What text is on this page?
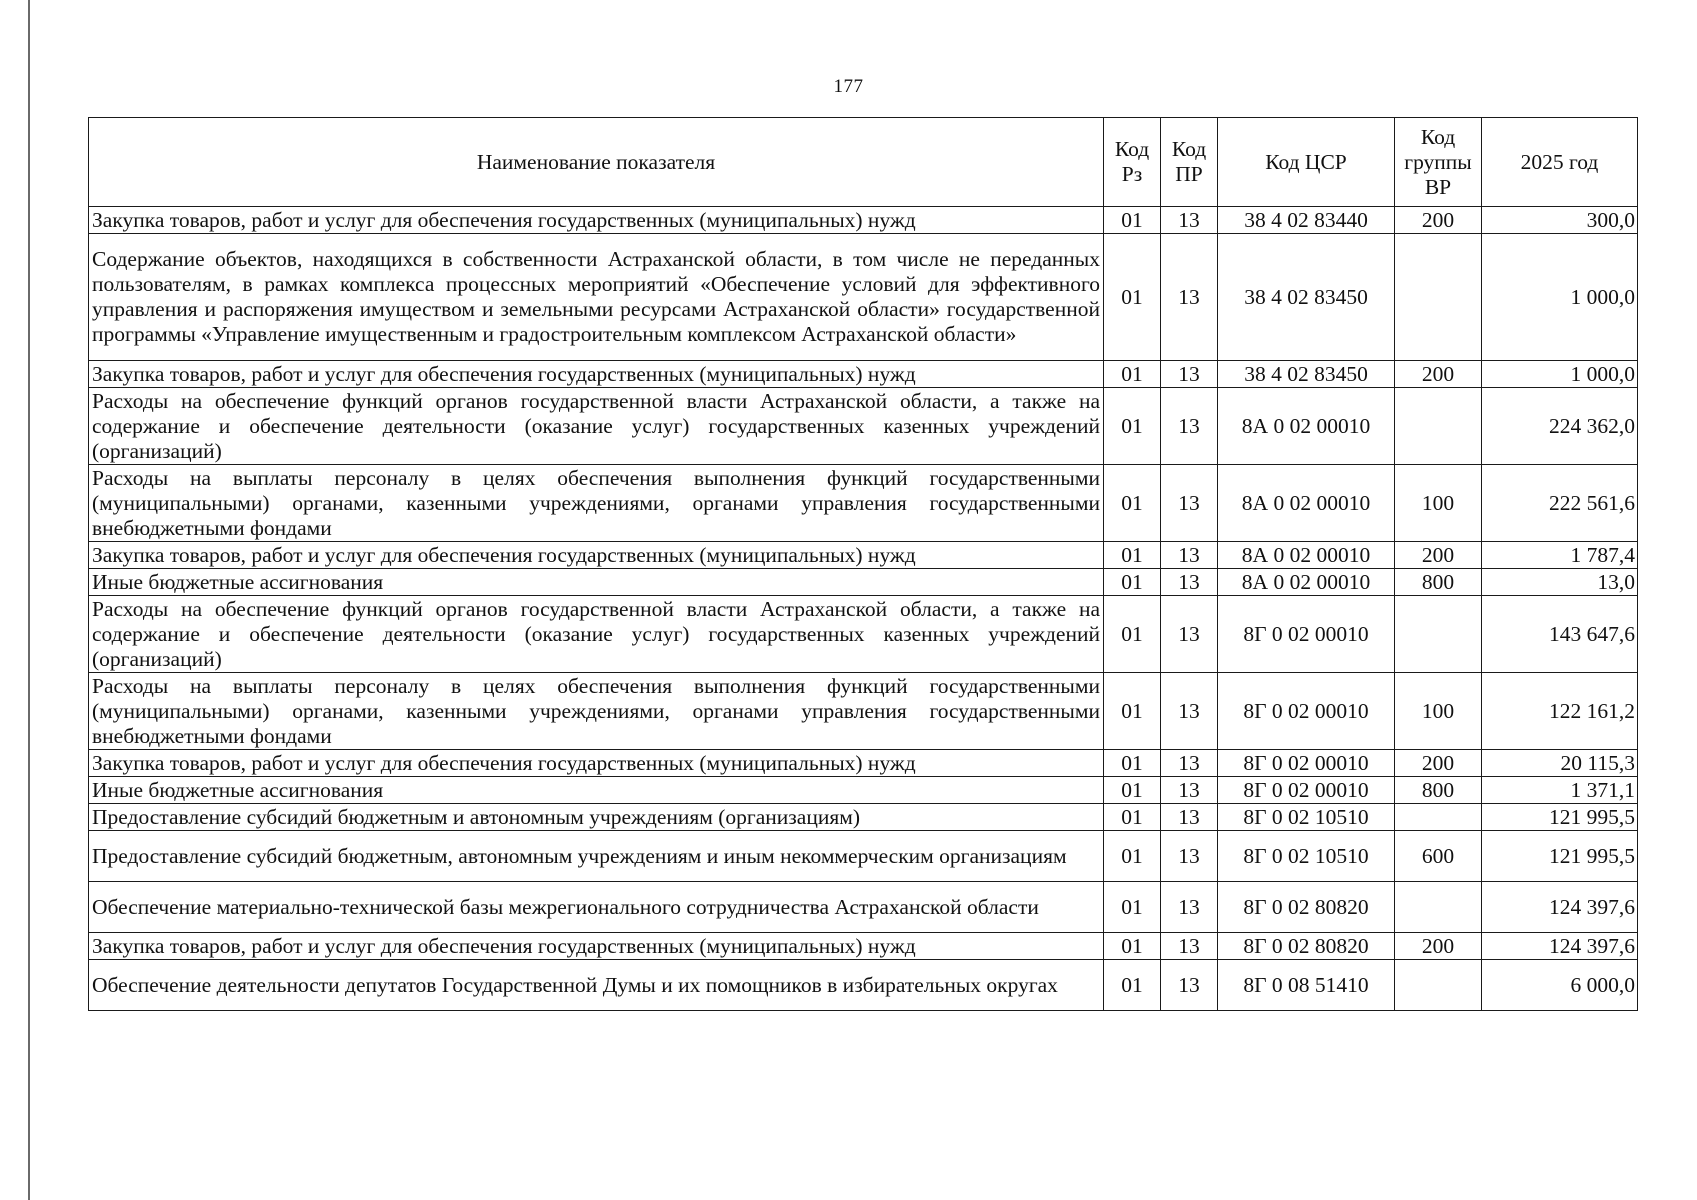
177
Наименование показателя	Код Рз	Код ПР	Код ЦСР	Код группы ВР	2025 год
Закупка товаров, работ и услуг для обеспечения государственных (муниципальных) нужд	01	13	38 4 02 83440	200	300,0
Содержание объектов, находящихся в собственности Астраханской области, в том числе не переданных пользователям, в рамках комплекса процессных мероприятий «Обеспечение условий для эффективного управления и распоряжения имуществом и земельными ресурсами Астраханской области» государственной программы «Управление имущественным и градостроительным комплексом Астраханской области»	01	13	38 4 02 83450		1 000,0
Закупка товаров, работ и услуг для обеспечения государственных (муниципальных) нужд	01	13	38 4 02 83450	200	1 000,0
Расходы на обеспечение функций органов государственной власти Астраханской области, а также на содержание и обеспечение деятельности (оказание услуг) государственных казенных учреждений (организаций)	01	13	8А 0 02 00010		224 362,0
Расходы на выплаты персоналу в целях обеспечения выполнения функций государственными (муниципальными) органами, казенными учреждениями, органами управления государственными внебюджетными фондами	01	13	8А 0 02 00010	100	222 561,6
Закупка товаров, работ и услуг для обеспечения государственных (муниципальных) нужд	01	13	8А 0 02 00010	200	1 787,4
Иные бюджетные ассигнования	01	13	8А 0 02 00010	800	13,0
Расходы на обеспечение функций органов государственной власти Астраханской области, а также на содержание и обеспечение деятельности (оказание услуг) государственных казенных учреждений (организаций)	01	13	8Г 0 02 00010		143 647,6
Расходы на выплаты персоналу в целях обеспечения выполнения функций государственными (муниципальными) органами, казенными учреждениями, органами управления государственными внебюджетными фондами	01	13	8Г 0 02 00010	100	122 161,2
Закупка товаров, работ и услуг для обеспечения государственных (муниципальных) нужд	01	13	8Г 0 02 00010	200	20 115,3
Иные бюджетные ассигнования	01	13	8Г 0 02 00010	800	1 371,1
Предоставление субсидий бюджетным и автономным учреждениям (организациям)	01	13	8Г 0 02 10510		121 995,5
Предоставление субсидий бюджетным, автономным учреждениям и иным некоммерческим организациям	01	13	8Г 0 02 10510	600	121 995,5
Обеспечение материально-технической базы межрегионального сотрудничества Астраханской области	01	13	8Г 0 02 80820		124 397,6
Закупка товаров, работ и услуг для обеспечения государственных (муниципальных) нужд	01	13	8Г 0 02 80820	200	124 397,6
Обеспечение деятельности депутатов Государственной Думы и их помощников в избирательных округах	01	13	8Г 0 08 51410		6 000,0
